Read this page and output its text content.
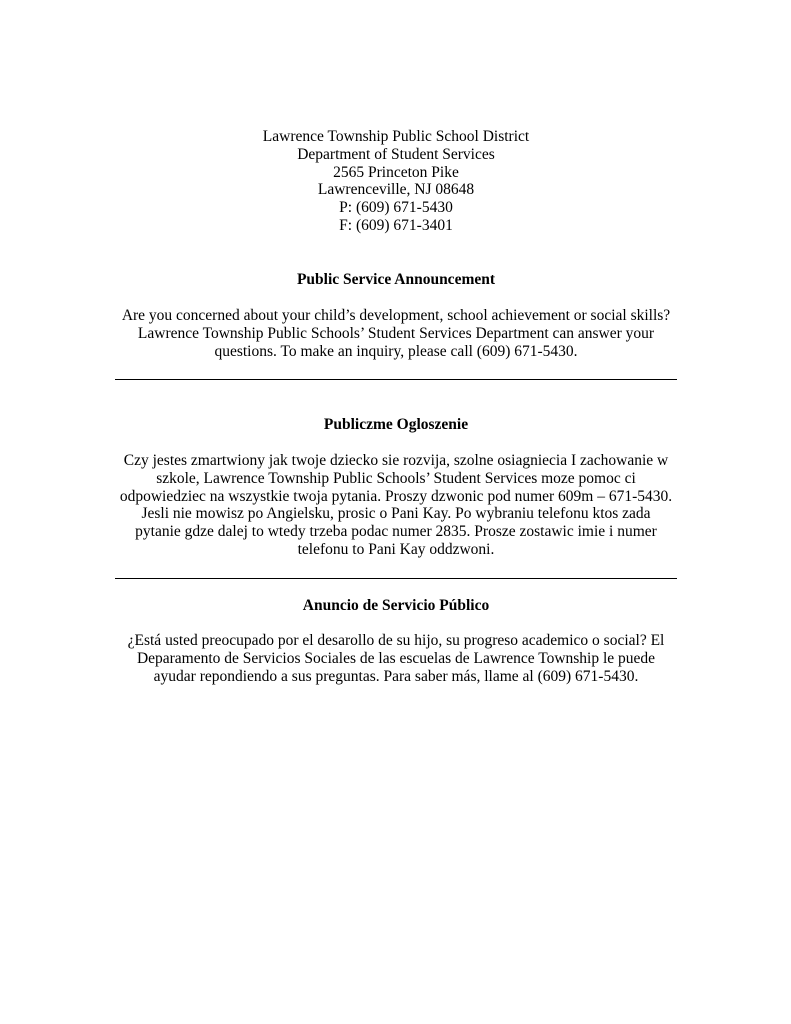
Lawrence Township Public School District

Department of Student Services

2565 Princeton Pike

Lawrenceville, NJ 08648

P: (609) 671-5430

F: (609) 671-3401

Public Service Announcement

Are you concerned about your child’s development, school achievement or social skills?

Lawrence Township Public Schools’ Student Services Department can answer your

questions. To make an inquiry, please call (609) 671-5430.

Publiczme Ogloszenie

Czy jestes zmartwiony jak twoje dziecko sie rozvija, szolne osiagniecia I zachowanie w

szkole, Lawrence Township Public Schools’ Student Services moze pomoc ci

odpowiedziec na wszystkie twoja pytania. Proszy dzwonic pod numer 609m – 671-5430.

Jesli nie mowisz po Angielsku, prosic o Pani Kay. Po wybraniu telefonu ktos zada

pytanie gdze dalej to wtedy trzeba podac numer 2835. Prosze zostawic imie i numer

telefonu to Pani Kay oddzwoni.

Anuncio de Servicio Público

¿Está usted preocupado por el desarollo de su hijo, su progreso academico o social? El

Deparamento de Servicios Sociales de las escuelas de Lawrence Township le puede

ayudar repondiendo a sus preguntas. Para saber más, llame al (609) 671-5430.
